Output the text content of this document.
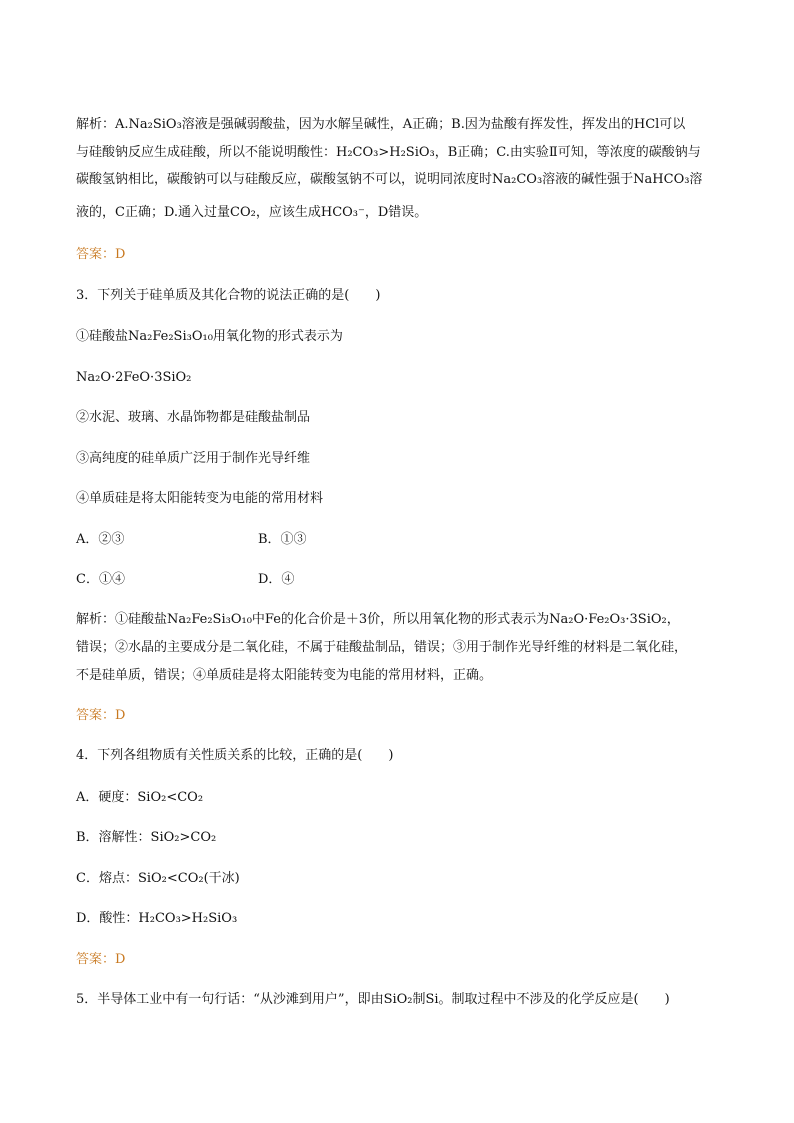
解析：A.Na₂SiO₃溶液是强碱弱酸盐，因为水解呈碱性，A正确；B.因为盐酸有挥发性，挥发出的HCl可以
与硅酸钠反应生成硅酸，所以不能说明酸性：H₂CO₃>H₂SiO₃，B正确；C.由实验Ⅱ可知，等浓度的碳酸钠与
碳酸氢钠相比，碳酸钠可以与硅酸反应，碳酸氢钠不可以，说明同浓度时Na₂CO₃溶液的碱性强于NaHCO₃溶
液的，C正确；D.通入过量CO₂，应该生成HCO₃⁻，D错误。
答案：D
3．下列关于硅单质及其化合物的说法正确的是(　　)
①硅酸盐Na₂Fe₂Si₃O₁₀用氧化物的形式表示为
Na₂O·2FeO·3SiO₂
②水泥、玻璃、水晶饰物都是硅酸盐制品
③高纯度的硅单质广泛用于制作光导纤维
④单质硅是将太阳能转变为电能的常用材料
A．②③	B．①③
C．①④	D．④
解析：①硅酸盐Na₂Fe₂Si₃O₁₀中Fe的化合价是＋3价，所以用氧化物的形式表示为Na₂O·Fe₂O₃·3SiO₂，
错误；②水晶的主要成分是二氧化硅，不属于硅酸盐制品，错误；③用于制作光导纤维的材料是二氧化硅，
不是硅单质，错误；④单质硅是将太阳能转变为电能的常用材料，正确。
答案：D
4．下列各组物质有关性质关系的比较，正确的是(　　)
A．硬度：SiO₂<CO₂
B．溶解性：SiO₂>CO₂
C．熔点：SiO₂<CO₂(干冰)
D．酸性：H₂CO₃>H₂SiO₃
答案：D
5．半导体工业中有一句行话：“从沙滩到用户”，即由SiO₂制Si。制取过程中不涉及的化学反应是(　　)
